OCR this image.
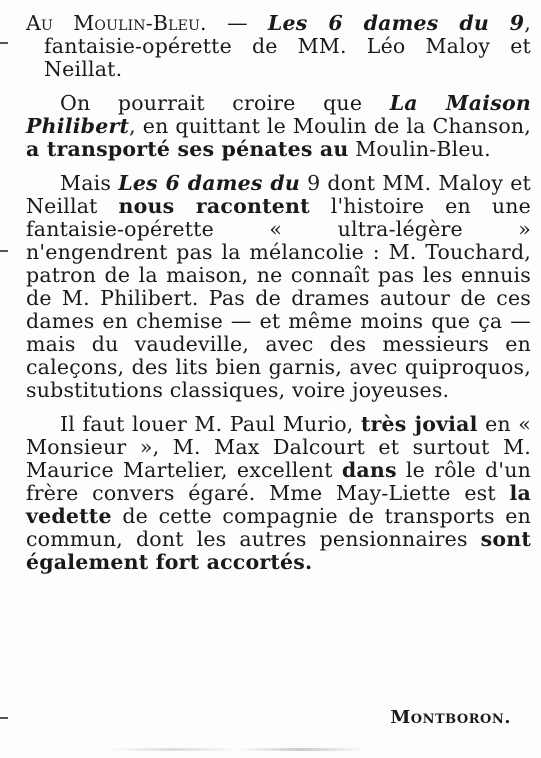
Au Moulin-Bleu. — Les 6 dames du 9, fantaisie-opérette de MM. Léo Maloy et Neillat.

On pourrait croire que La Maison Philibert, en quittant le Moulin de la Chanson, a transporté ses pénates au Moulin-Bleu.

Mais Les 6 dames du 9 dont MM. Maloy et Neillat nous racontent l'histoire en une fantaisie-opérette « ultra-légère » n'engendrent pas la mélancolie : M. Touchard, patron de la maison, ne connaît pas les ennuis de M. Philibert. Pas de drames autour de ces dames en chemise — et même moins que ça — mais du vaudeville, avec des messieurs en caleçons, des lits bien garnis, avec quiproquos, substitutions classiques, voire joyeuses.

Il faut louer M. Paul Murio, très jovial en « Monsieur », M. Max Dalcourt et surtout M. Maurice Martelier, excellent dans le rôle d'un frère convers égaré. Mme May-Liette est la vedette de cette compagnie de transports en commun, dont les autres pensionnaires sont également fort accortés.

Montboron.
